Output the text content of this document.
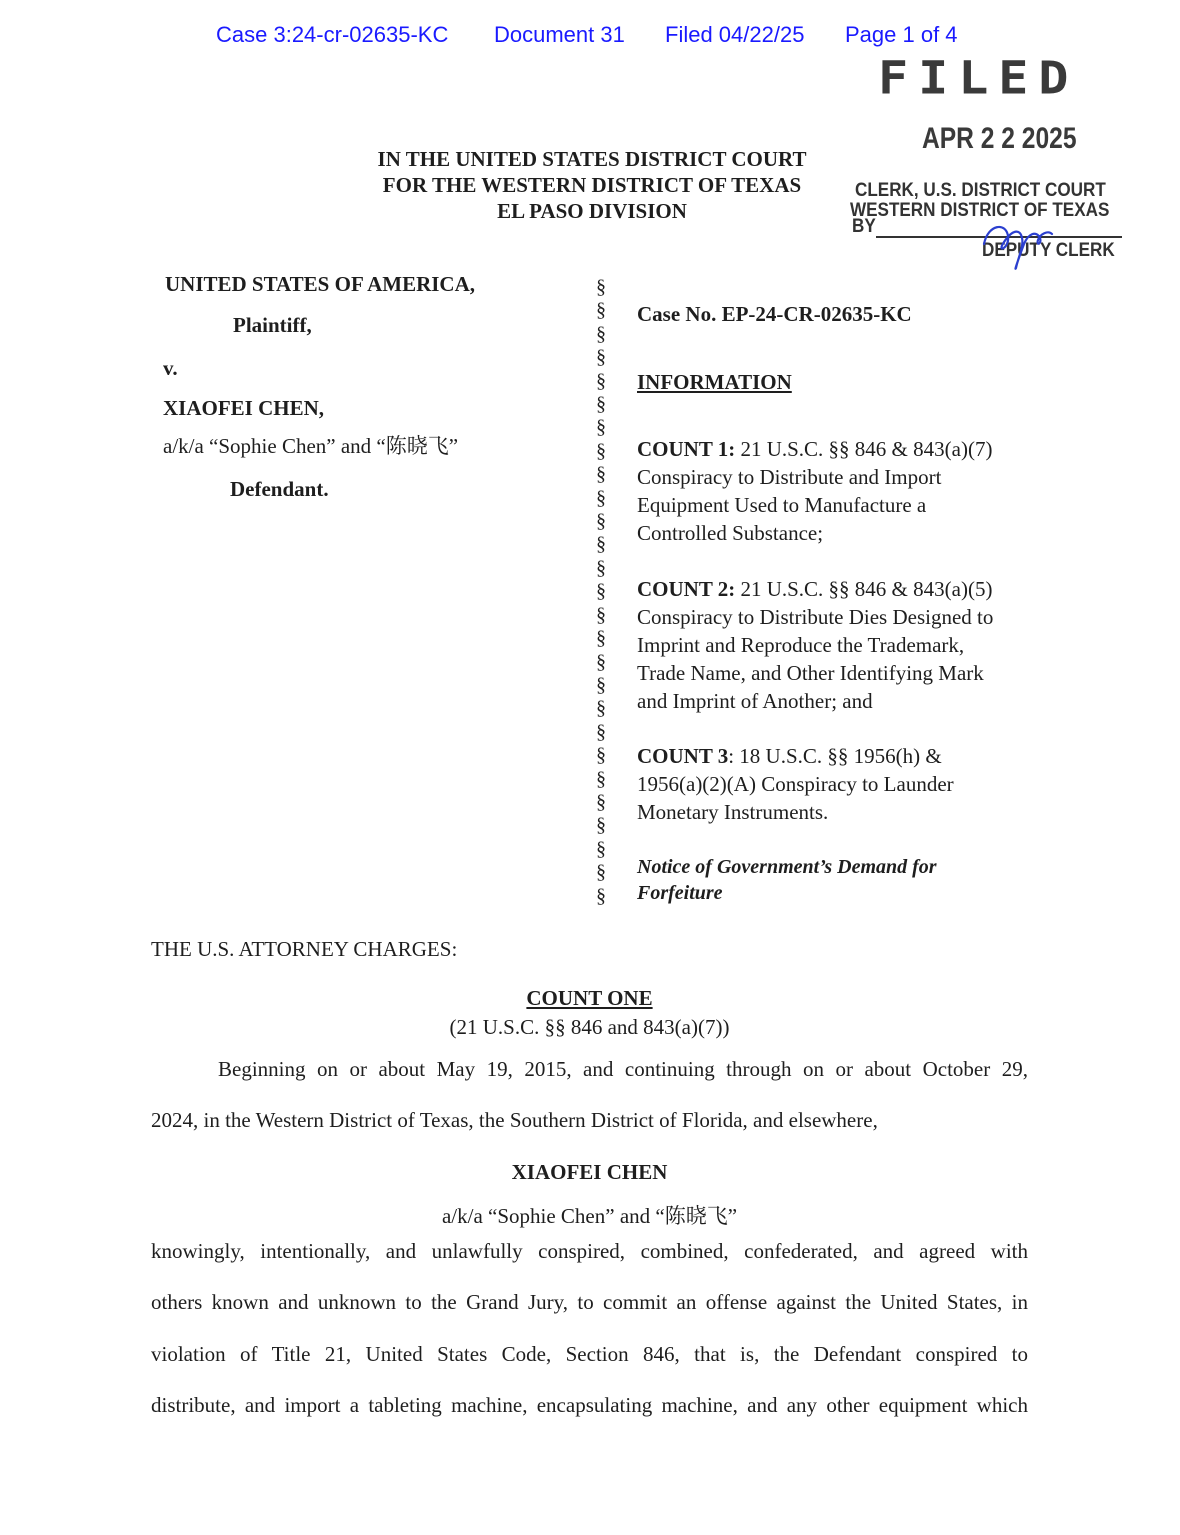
Case 3:24-cr-02635-KC Document 31 Filed 04/22/25 Page 1 of 4
FILED
APR 2 2 2025
CLERK, U.S. DISTRICT COURT
WESTERN DISTRICT OF TEXAS
BY
DEPUTY CLERK
IN THE UNITED STATES DISTRICT COURT
FOR THE WESTERN DISTRICT OF TEXAS
EL PASO DIVISION
UNITED STATES OF AMERICA,
Plaintiff,
v.
XIAOFEI CHEN,
a/k/a “Sophie Chen” and “陈晓飞”
Defendant.
§
§
§
§
§
§
§
§
§
§
§
§
§
§
§
§
§
§
§
§
§
§
§
§
§
§
§
Case No. EP-24-CR-02635-KC
INFORMATION
COUNT 1: 21 U.S.C. §§ 846 & 843(a)(7)
Conspiracy to Distribute and Import
Equipment Used to Manufacture a
Controlled Substance;
COUNT 2: 21 U.S.C. §§ 846 & 843(a)(5)
Conspiracy to Distribute Dies Designed to
Imprint and Reproduce the Trademark,
Trade Name, and Other Identifying Mark
and Imprint of Another; and
COUNT 3: 18 U.S.C. §§ 1956(h) &
1956(a)(2)(A) Conspiracy to Launder
Monetary Instruments.
Notice of Government’s Demand for
Forfeiture
THE U.S. ATTORNEY CHARGES:
COUNT ONE
(21 U.S.C. §§ 846 and 843(a)(7))
Beginning on or about May 19, 2015, and continuing through on or about October 29,
2024, in the Western District of Texas, the Southern District of Florida, and elsewhere,
XIAOFEI CHEN
a/k/a “Sophie Chen” and “陈晓飞”
knowingly, intentionally, and unlawfully conspired, combined, confederated, and agreed with
others known and unknown to the Grand Jury, to commit an offense against the United States, in
violation of Title 21, United States Code, Section 846, that is, the Defendant conspired to
distribute, and import a tableting machine, encapsulating machine, and any other equipment which
